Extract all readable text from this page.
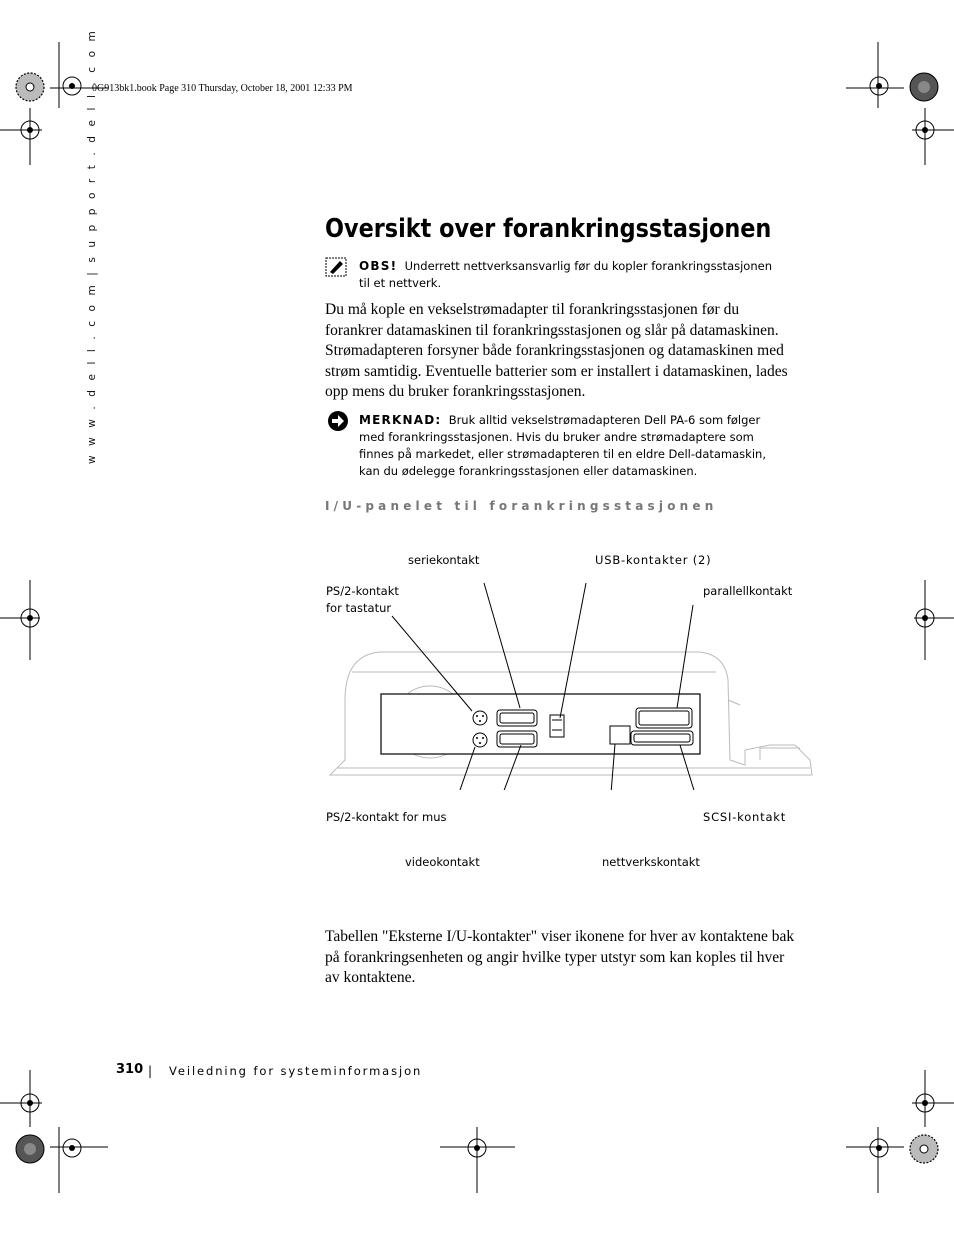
0G913bk1.book Page 310 Thursday, October 18, 2001 12:33 PM
w w w . d e l l . c o m | s u p p o r t . d e l l . c o m	Oversikt over forankringsstasjonen
OBS! Underrett nettverksansvarlig før du kopler forankringsstasjonen
til et nettverk.
Du må kople en vekselstrømadapter til forankringsstasjonen før du
forankrer datamaskinen til forankringsstasjonen og slår på datamaskinen.
Strømadapteren forsyner både forankringsstasjonen og datamaskinen med
strøm samtidig. Eventuelle batterier som er installert i datamaskinen, lades
opp mens du bruker forankringsstasjonen.
MERKNAD: Bruk alltid vekselstrømadapteren Dell PA-6 som følger
med forankringsstasjonen. Hvis du bruker andre strømadaptere som
finnes på markedet, eller strømadapteren til en eldre Dell-datamaskin,
kan du ødelegge forankringsstasjonen eller datamaskinen.
I/U-panelet til forankringsstasjonen
seriekontakt	USB-kontakter (2)
PS/2-kontakt
for tastatur
parallellkontakt
PS/2-kontakt for mus	SCSI-kontakt
videokontakt	nettverkskontakt
Tabellen "Eksterne I/U-kontakter" viser ikonene for hver av kontaktene bak
på forankringsenheten og angir hvilke typer utstyr som kan koples til hver
av kontaktene.
310 | Veiledning for systeminformasjon
